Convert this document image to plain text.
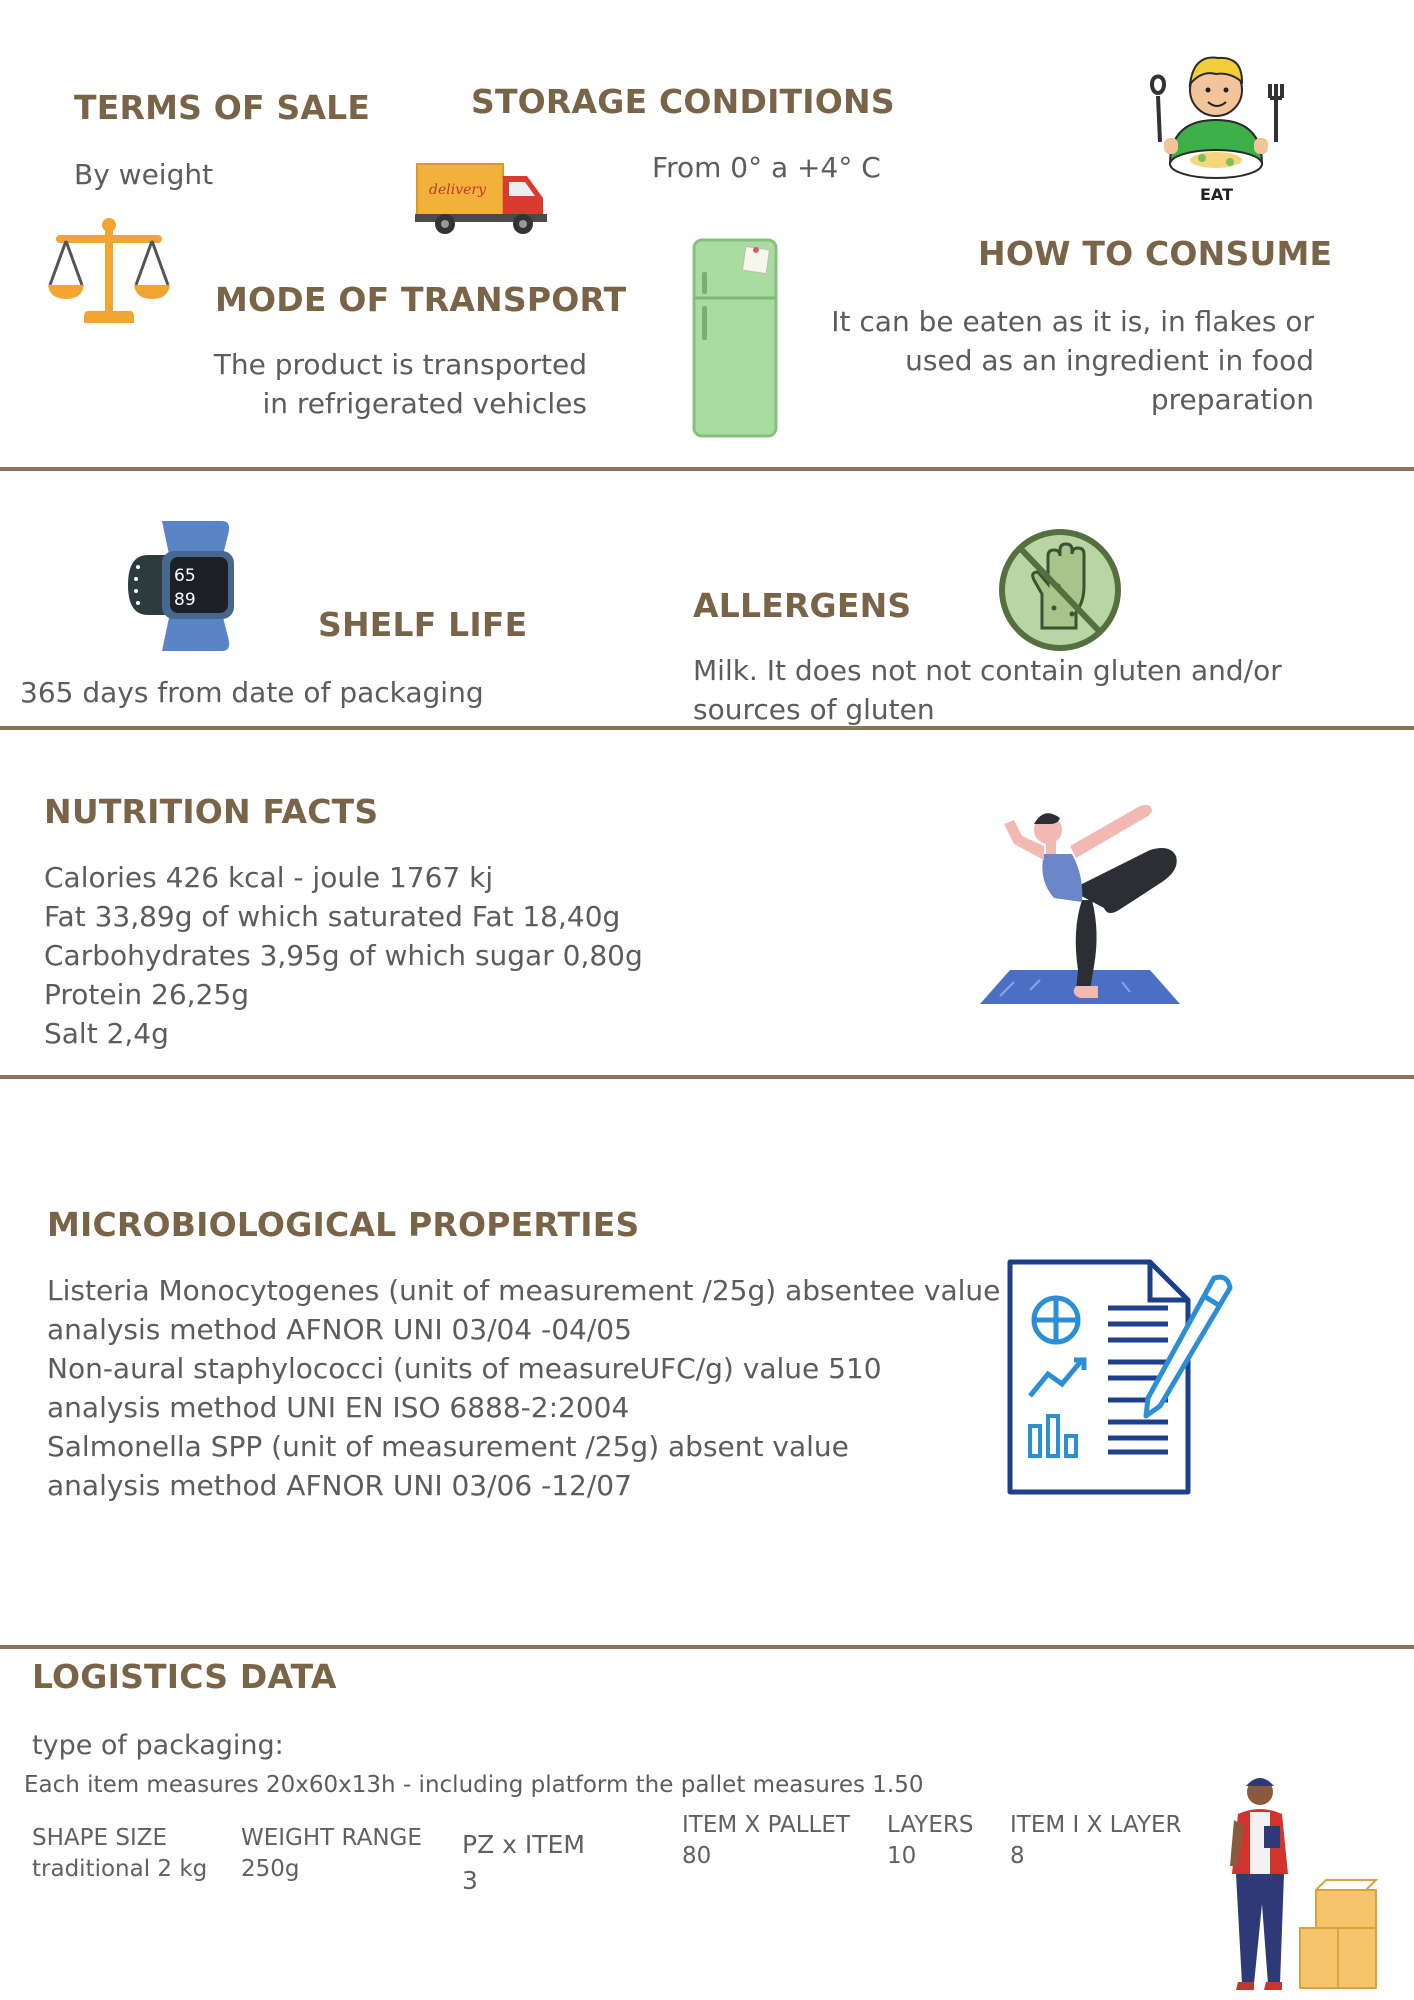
TERMS OF SALE
By weight
STORAGE CONDITIONS
From 0° a +4° C
delivery	EAT
HOW TO CONSUME
It can be eaten as it is, in flakes or
used as an ingredient in food
preparation
MODE OF TRANSPORT
The product is transported
in refrigerated vehicles
65
89
SHELF LIFE
365 days from date of packaging
ALLERGENS
Milk. It does not not contain gluten and/or
sources of gluten
NUTRITION FACTS
Calories 426 kcal - joule 1767 kj
Fat 33,89g of which saturated Fat 18,40g
Carbohydrates 3,95g of which sugar 0,80g
Protein 26,25g
Salt 2,4g
MICROBIOLOGICAL PROPERTIES
Listeria Monocytogenes (unit of measurement /25g) absentee value
analysis method AFNOR UNI 03/04 -04/05
Non-aural staphylococci (units of measureUFC/g) value 510
analysis method UNI EN ISO 6888-2:2004
Salmonella SPP (unit of measurement /25g) absent value
analysis method AFNOR UNI 03/06 -12/07
LOGISTICS DATA
type of packaging:
Each item measures 20x60x13h - including platform the pallet measures 1.50
SHAPE SIZE
traditional 2 kg
WEIGHT RANGE
250g
PZ x ITEM
3
ITEM X PALLET
80
LAYERS
10
ITEM I X LAYER
8
